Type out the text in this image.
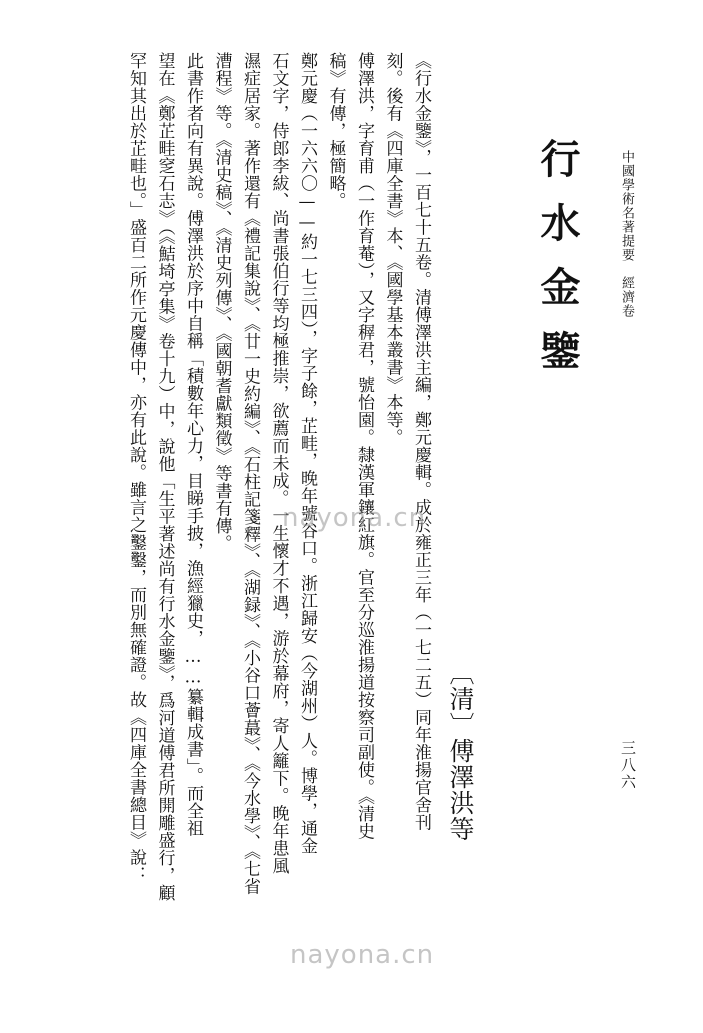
中國學術名著提要　經濟卷
三八六
行水金鑒
〔清〕傅澤洪等
《行水金鑒》，一百七十五卷。清傅澤洪主編，鄭元慶輯。成於雍正三年（一七二五）同年淮揚官舍刊
刻。後有《四庫全書》本、《國學基本叢書》本等。
傅澤洪，字育甫（一作育菴），又字稺君，號怡園。隸漢軍鑲紅旗。官至分巡淮揚道按察司副使。《清史
稿》有傳，極簡略。
鄭元慶（一六六〇——約一七三四），字子餘，芷畦，晚年號谷口。浙江歸安（今湖州）人。博學，通金
石文字，侍郎李紱、尚書張伯行等均極推崇，欲薦而未成。一生懷才不遇，游於幕府，寄人籬下。晚年患風
濕症居家。著作還有《禮記集說》、《廿一史約編》、《石柱記箋釋》、《湖録》、《小谷口薈蕞》、《今水學》、《七省
漕程》等。《清史稿》、《清史列傳》、《國朝耆獻類徵》等書有傳。
此書作者向有異說。傅澤洪於序中自稱「積數年心力，目睇手披，漁經獵史，……纂輯成書」。而全祖
望在《鄭芷畦窆石志》（《鮚埼亭集》卷十九）中，說他「生平著述尚有行水金鑒》，爲河道傅君所開雕盛行，顧
罕知其出於芷畦也。」盛百二所作元慶傳中，亦有此說。雖言之鑿鑿，而別無確證。故《四庫全書總目》說：	nayona.cn
nayona.cn
